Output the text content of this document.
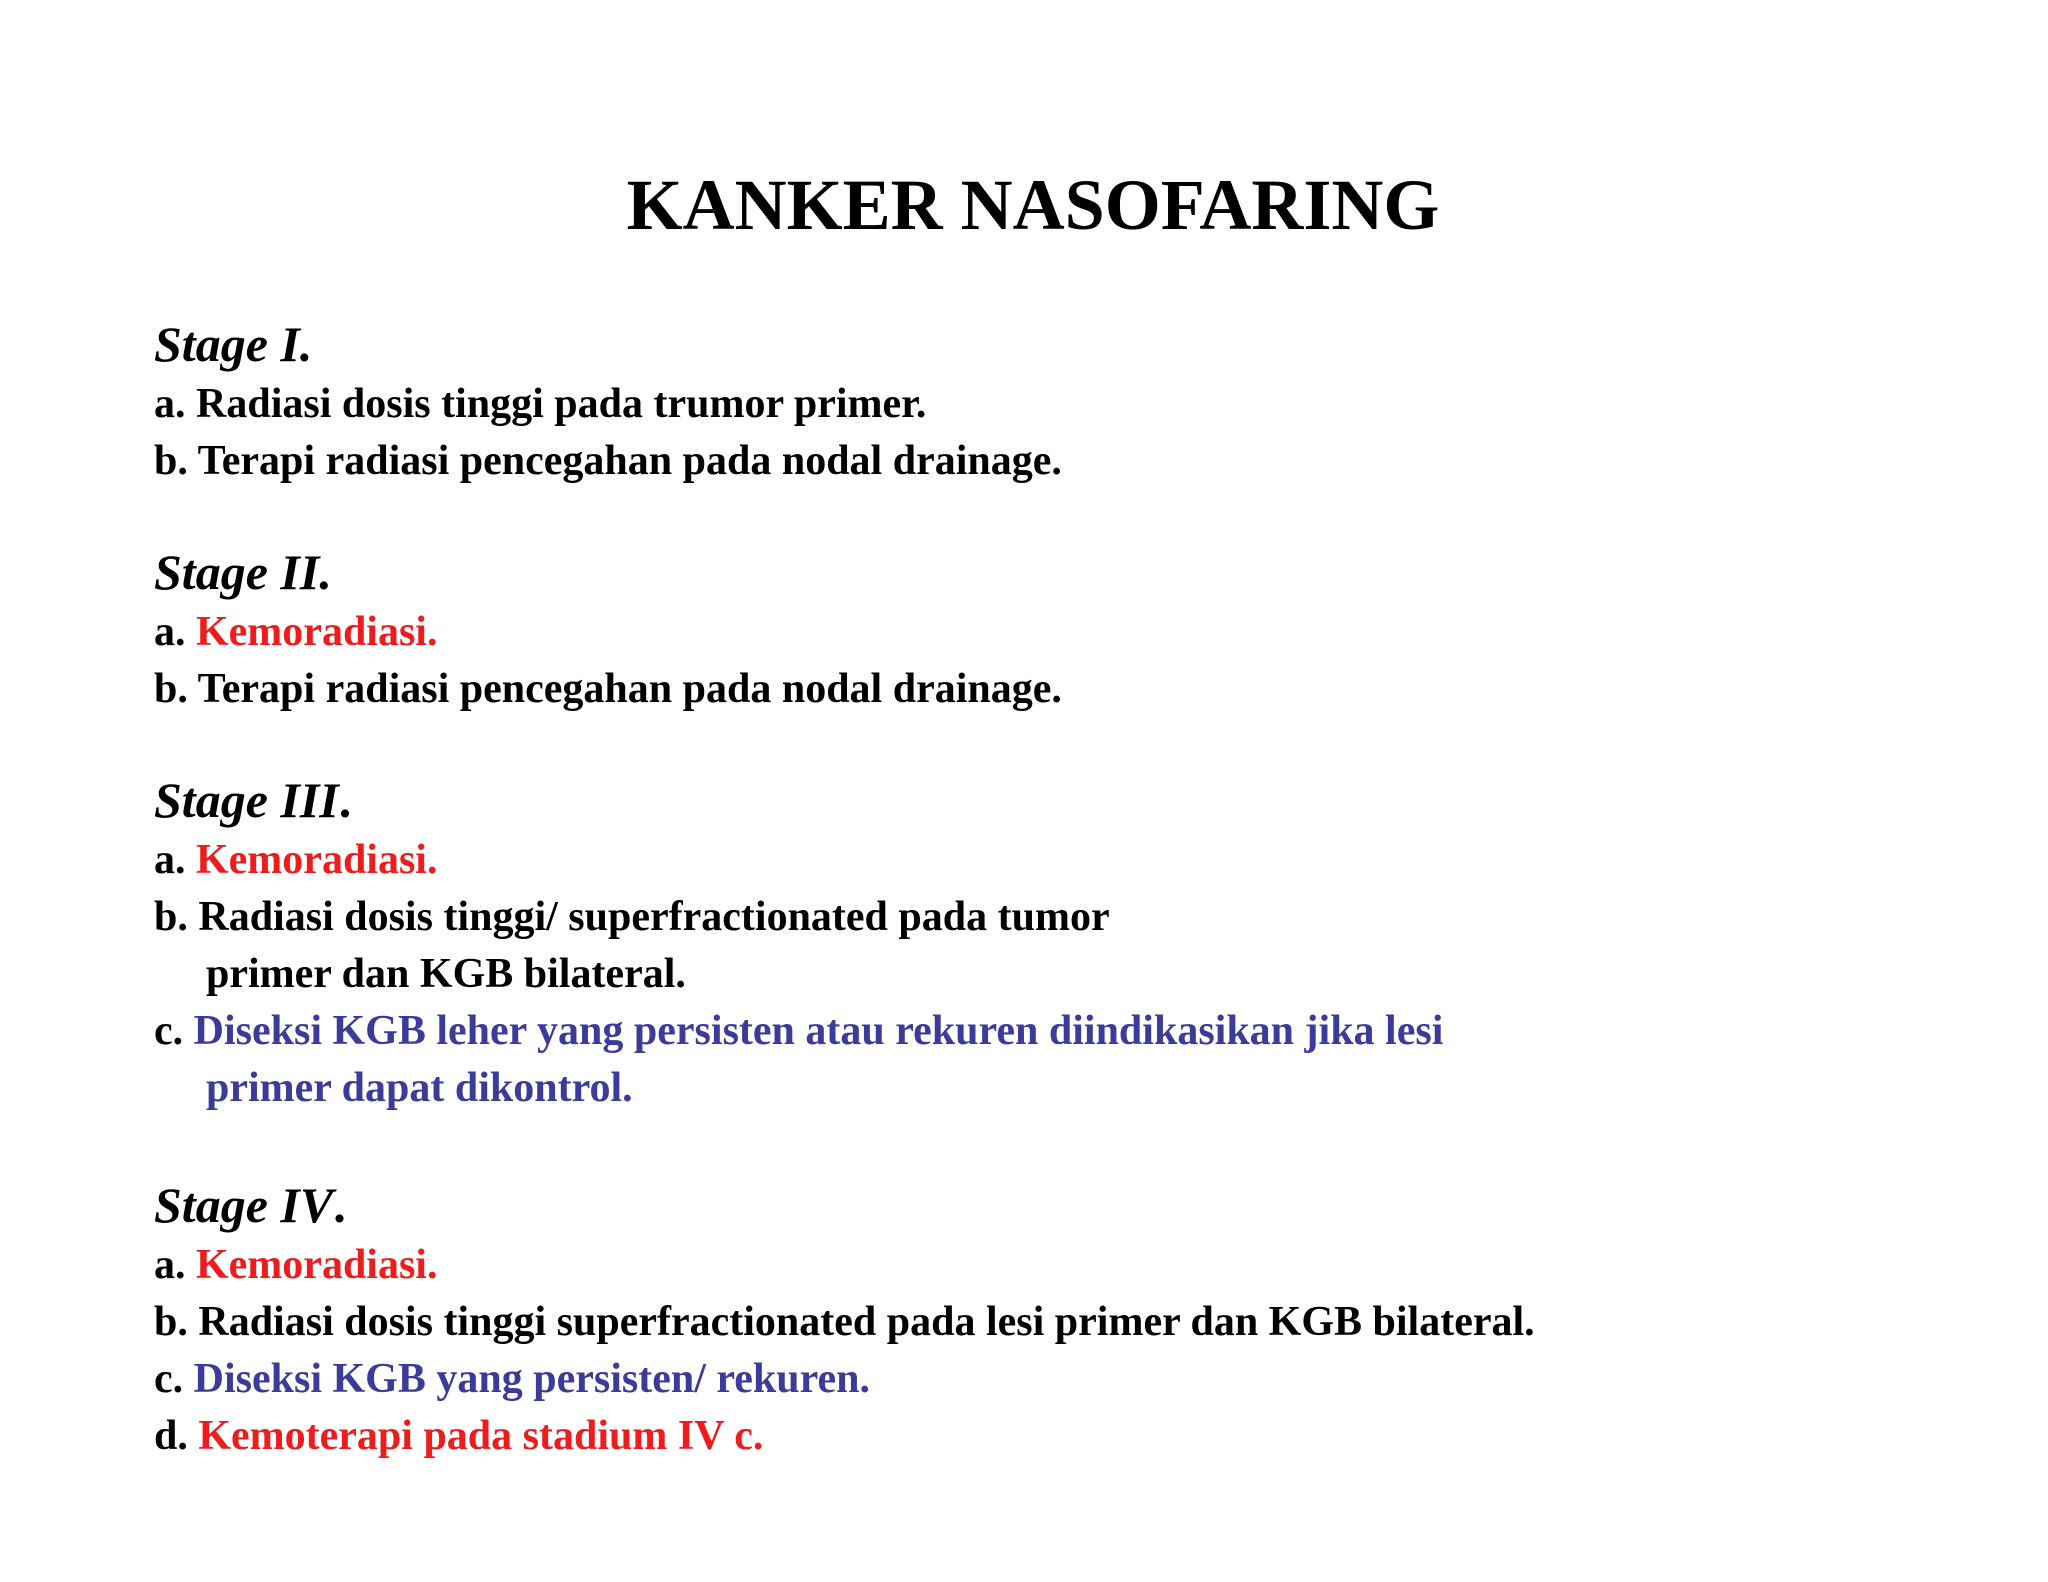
KANKER NASOFARING

Stage I.

a. Radiasi dosis tinggi pada trumor primer.

b. Terapi radiasi pencegahan pada nodal drainage.

Stage II.

a. Kemoradiasi.

b. Terapi radiasi pencegahan pada nodal drainage.

Stage III.

a. Kemoradiasi.

b. Radiasi dosis tinggi/ superfractionated pada tumor
primer dan KGB bilateral.

c. Diseksi KGB leher yang persisten atau rekuren diindikasikan jika lesi
primer dapat dikontrol.

Stage IV.

a. Kemoradiasi.

b. Radiasi dosis tinggi superfractionated pada lesi primer dan KGB bilateral.

c. Diseksi KGB yang persisten/ rekuren.

d. Kemoterapi pada stadium IV c.
